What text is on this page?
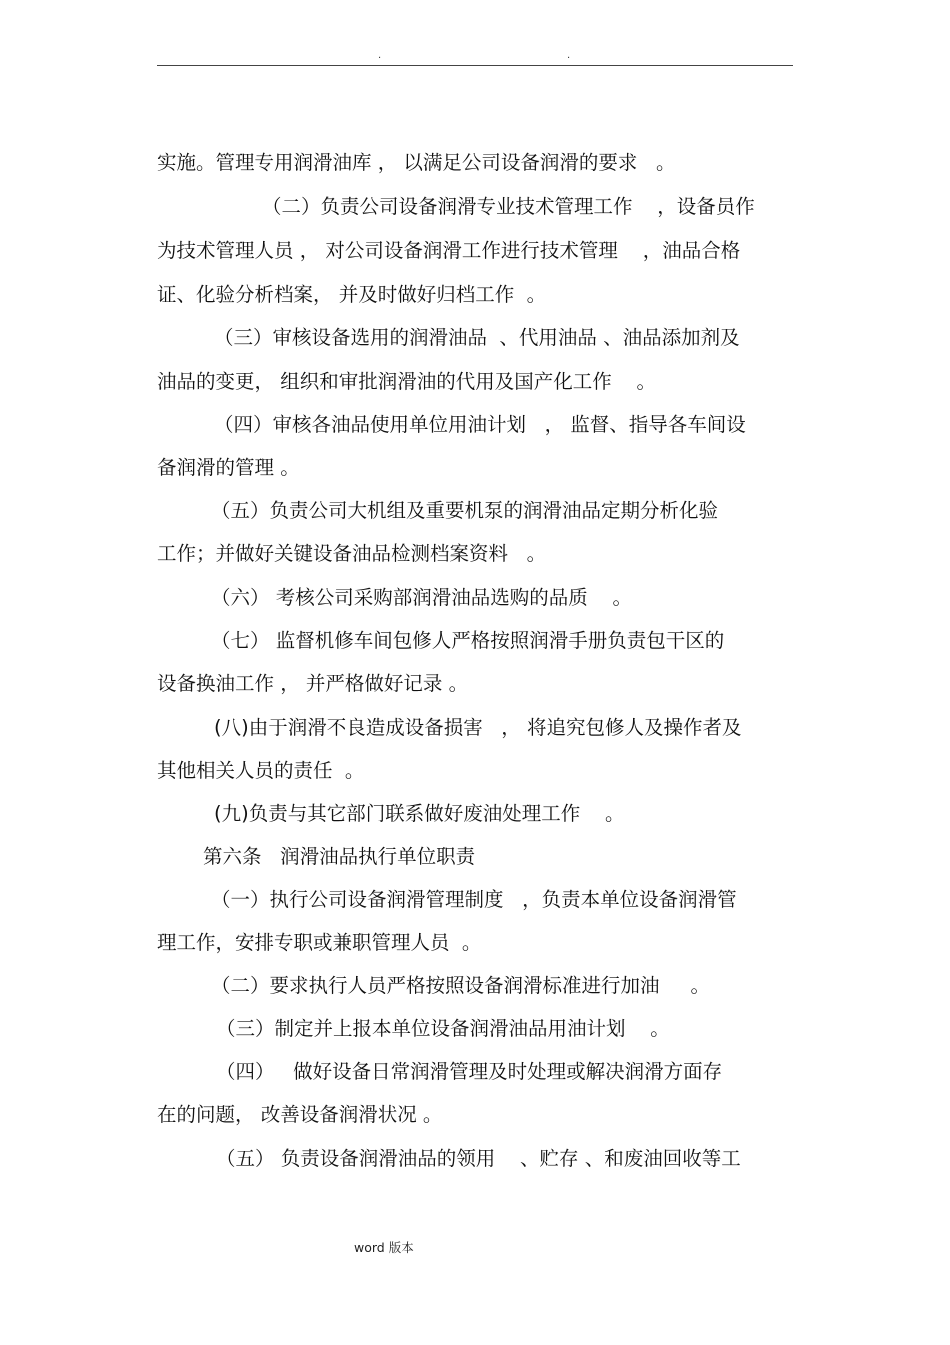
.	.

实施。管理专用润滑油库 ， 以满足公司设备润滑的要求   。

（二）负责公司设备润滑专业技术管理工作    ，设备员作

为技术管理人员 ， 对公司设备润滑工作进行技术管理    ，油品合格

证、化验分析档案， 并及时做好归档工作  。

（三）审核设备选用的润滑油品  、代用油品 、油品添加剂及

油品的变更， 组织和审批润滑油的代用及国产化工作    。

（四）审核各油品使用单位用油计划   ， 监督、指导各车间设

备润滑的管理 。

（五）负责公司大机组及重要机泵的润滑油品定期分析化验

工作；并做好关键设备油品检测档案资料   。

（六） 考核公司采购部润滑油品选购的品质    。

（七） 监督机修车间包修人严格按照润滑手册负责包干区的

设备换油工作 ， 并严格做好记录 。

(八)由于润滑不良造成设备损害   ， 将追究包修人及操作者及

其他相关人员的责任  。

(九)负责与其它部门联系做好废油处理工作    。

第六条   润滑油品执行单位职责

（一）执行公司设备润滑管理制度   ，负责本单位设备润滑管

理工作，安排专职或兼职管理人员  。

（二）要求执行人员严格按照设备润滑标准进行加油     。

（三）制定并上报本单位设备润滑油品用油计划    。

（四）   做好设备日常润滑管理及时处理或解决润滑方面存

在的问题， 改善设备润滑状况 。

（五） 负责设备润滑油品的领用    、贮存 、和废油回收等工

word 版本
